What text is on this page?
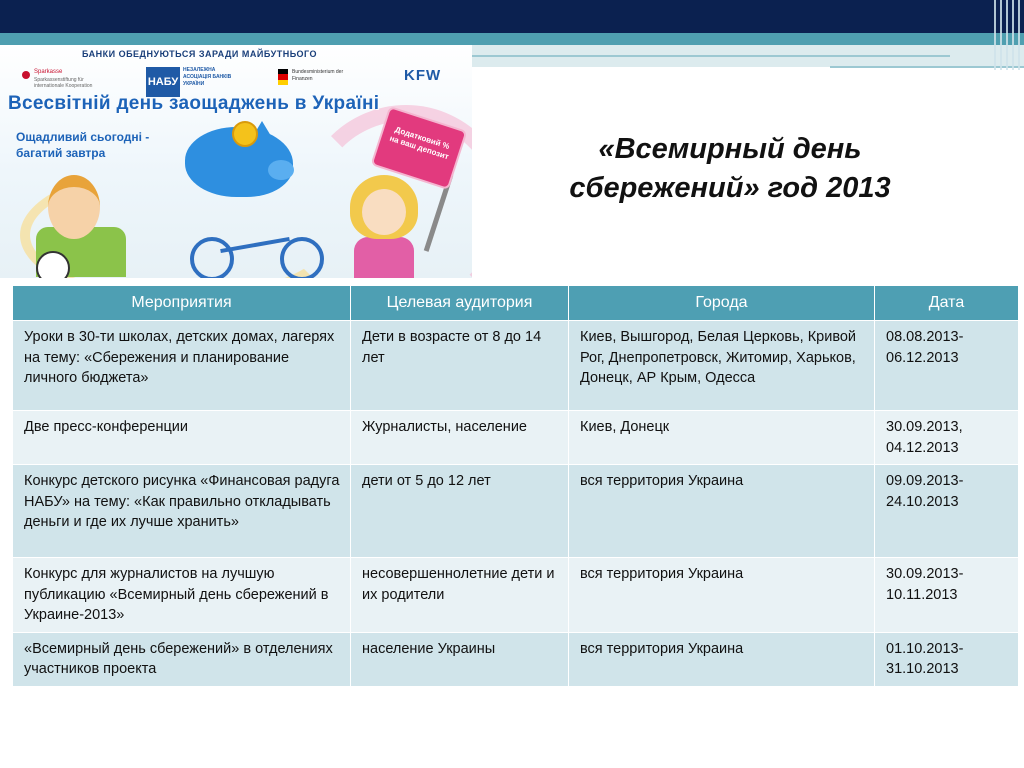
БАНКИ ОБЕДНУЮТЬСЯ ЗАРАДИ МАЙБУТНЬОГО
Sparkasse
Sparkassenstiftung für internationale Kooperation	НАБУ
НЕЗАЛЕЖНА АСОЦІАЦІЯ БАНКІВ УКРАЇНИ
Bundesministerium der Finanzen	KFW
Всесвітній день заощаджень в Україні
Ощадливий сьогодні -
багатий завтра
Додатковий % на ваш депозит	«Всемирный день сбережений» год 2013
Мероприятия	Целевая аудитория	Города	Дата
Уроки в 30-ти школах, детских домах, лагерях на тему: «Сбережения и планирование личного бюджета»	Дети в возрасте от 8 до 14 лет	Киев, Вышгород, Белая Церковь, Кривой Рог, Днепропетровск, Житомир, Харьков, Донецк, АР Крым, Одесса	08.08.2013-06.12.2013
Две пресс-конференции	Журналисты, население	Киев, Донецк	30.09.2013, 04.12.2013
Конкурс детского рисунка «Финансовая радуга НАБУ» на тему: «Как правильно откладывать деньги и где их лучше хранить»	дети от 5 до 12 лет	вся территория Украина	09.09.2013-24.10.2013
Конкурс для журналистов на лучшую публикацию «Всемирный день сбережений в Украине-2013»	несовершеннолетние дети и их родители	вся территория Украина	30.09.2013-10.11.2013
«Всемирный день сбережений» в отделениях участников проекта	население Украины	вся территория Украина	01.10.2013-31.10.2013
